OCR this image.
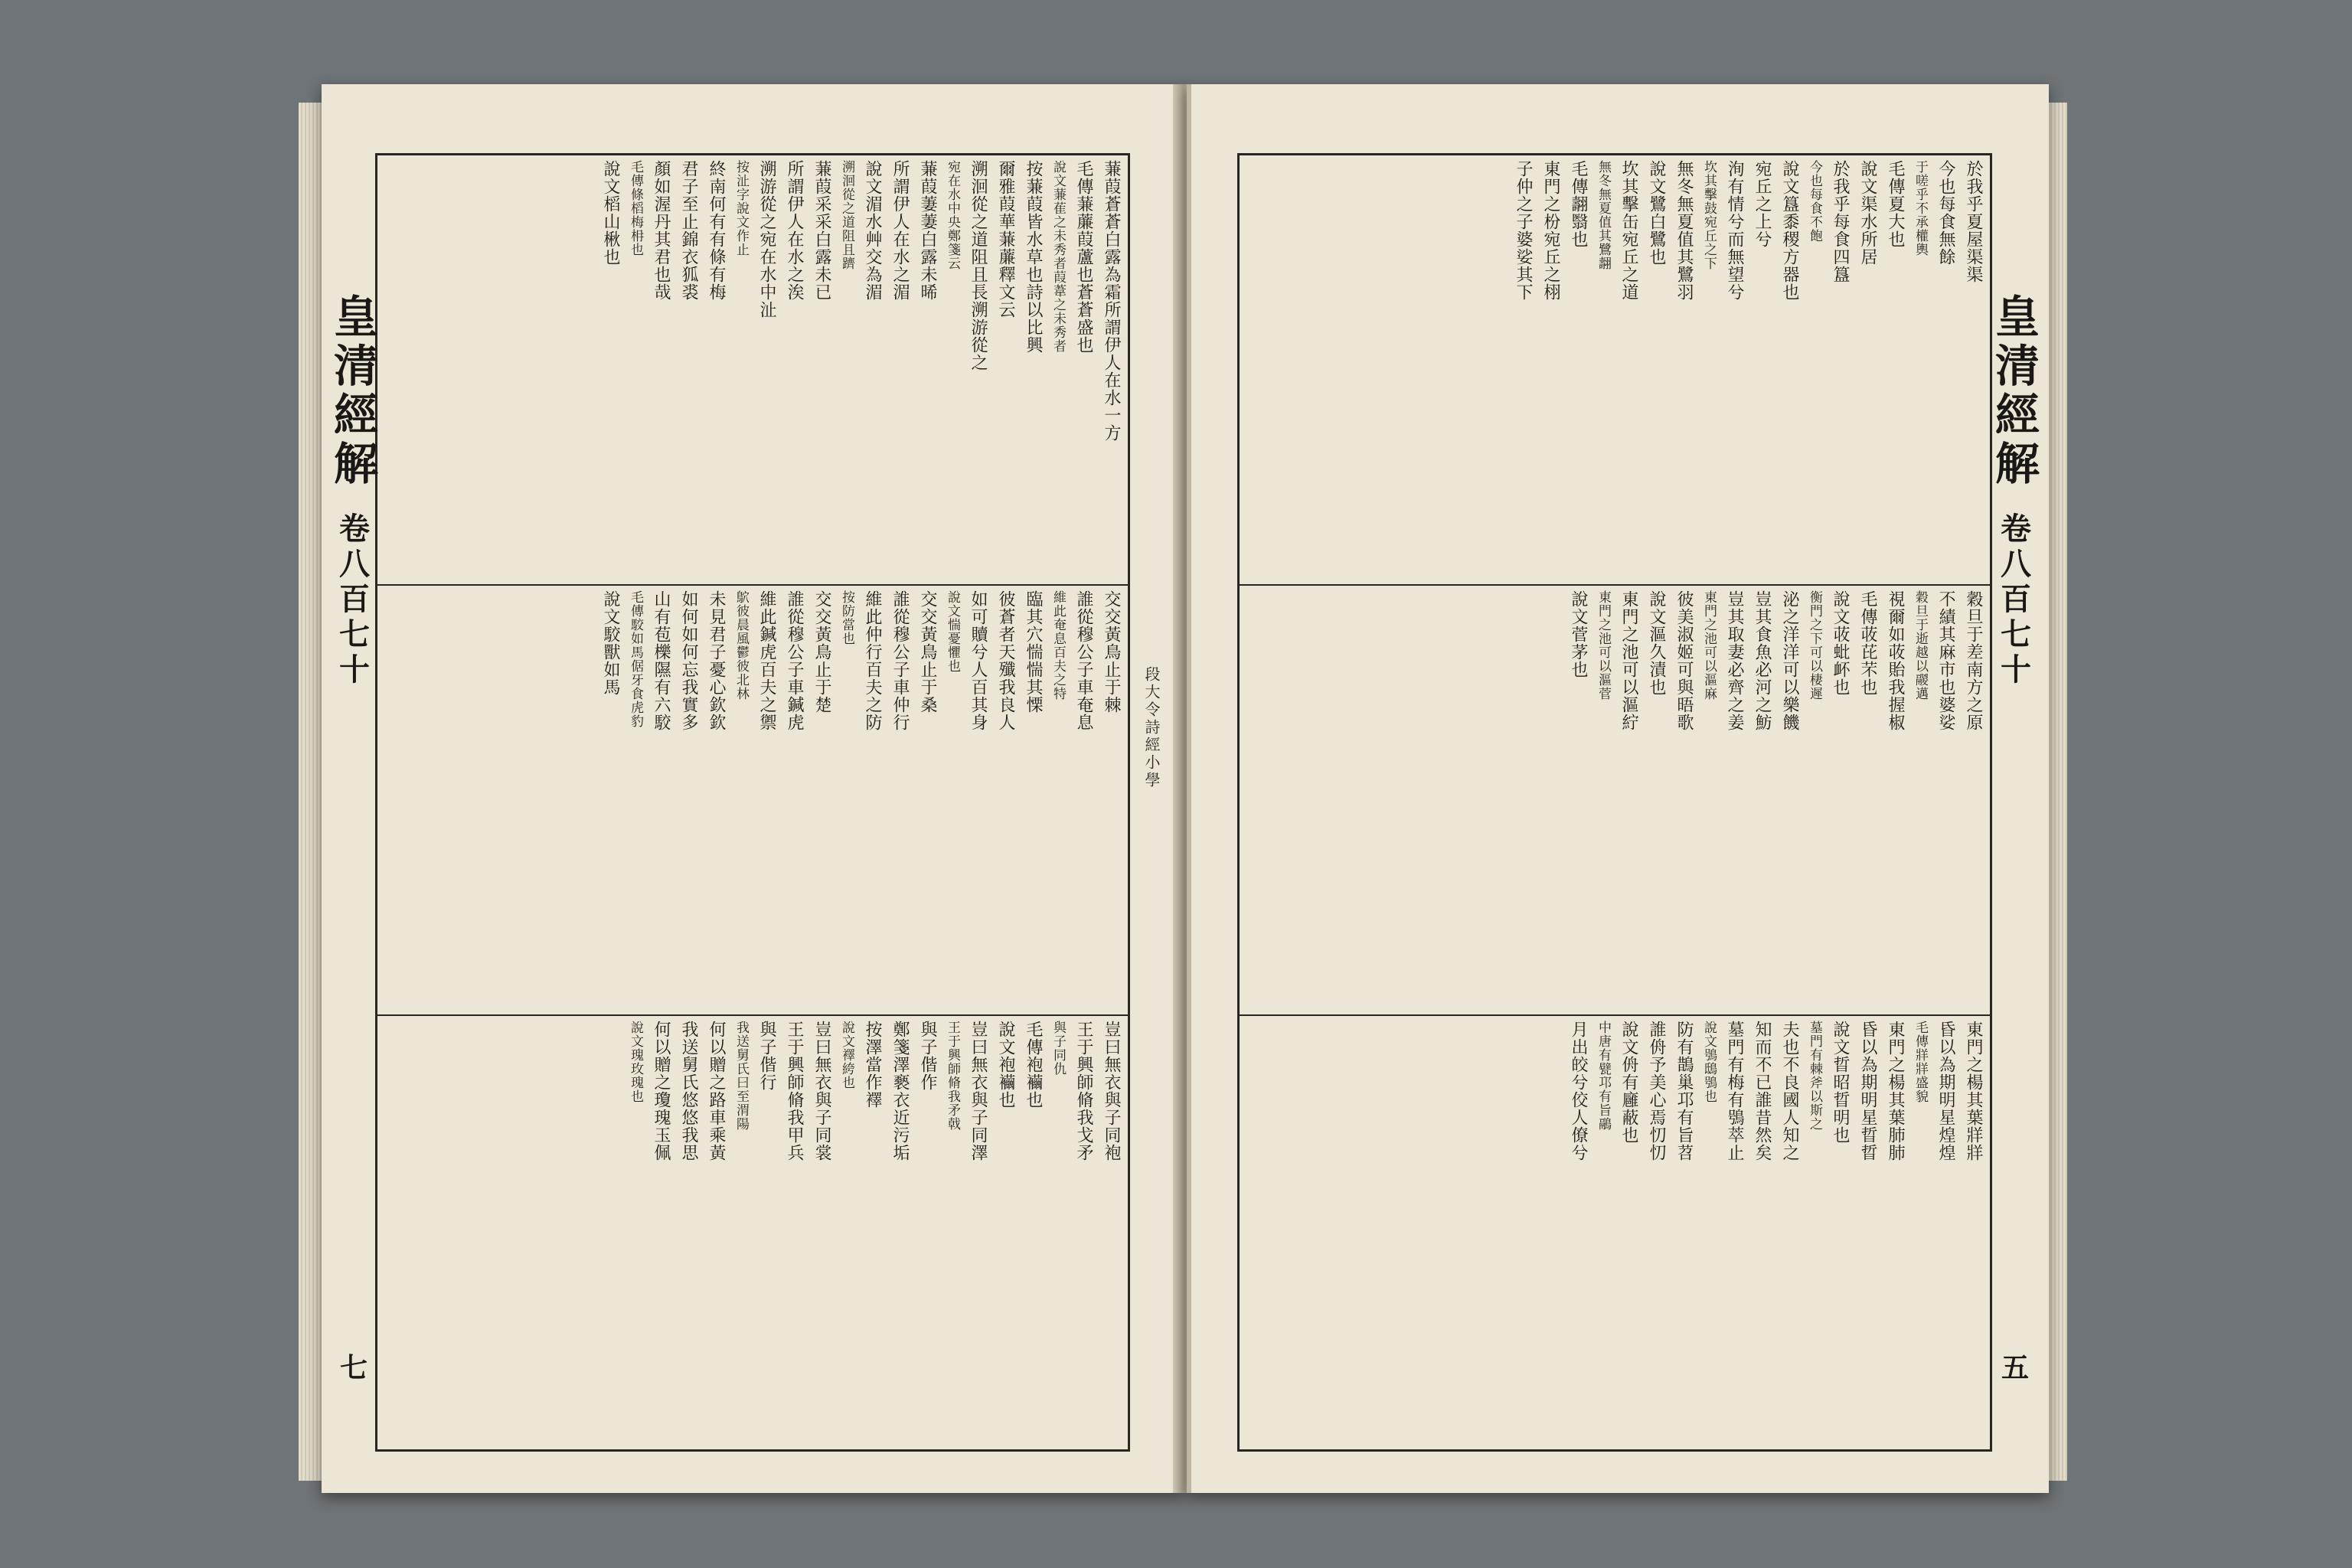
皇清經解
卷八百七十
七
蒹葭蒼蒼白露為霜所謂伊人在水一方
毛傳蒹薕葭蘆也蒼蒼盛也
說文蒹萑之未秀者葭葦之未秀者
按蒹葭皆水草也詩以比興
爾雅葭華蒹薕釋文云
溯洄從之道阻且長溯游從之
宛在水中央鄭箋云
蒹葭萋萋白露未晞
所謂伊人在水之湄
說文湄水艸交為湄
溯洄從之道阻且躋
蒹葭采采白露未已
所謂伊人在水之涘
溯游從之宛在水中沚
按沚字說文作止
終南何有有條有梅
君子至止錦衣狐裘
顏如渥丹其君也哉
毛傳條槄梅枏也
說文槄山楸也
交交黃鳥止于棘
誰從穆公子車奄息
維此奄息百夫之特
臨其穴惴惴其慄
彼蒼者天殲我良人
如可贖兮人百其身
說文惴憂懼也
交交黃鳥止于桑
誰從穆公子車仲行
維此仲行百夫之防
按防當也
交交黃鳥止于楚
誰從穆公子車鍼虎
維此鍼虎百夫之禦
鴥彼晨風鬱彼北林
未見君子憂心欽欽
如何如何忘我實多
山有苞櫟隰有六駮
毛傳駮如馬倨牙食虎豹
說文駮獸如馬
豈曰無衣與子同袍
王于興師脩我戈矛
與子同仇
毛傳袍襺也
說文袍襺也
豈曰無衣與子同澤
王于興師脩我矛戟
與子偕作
鄭箋澤褻衣近污垢
按澤當作襗
說文襗絝也
豈曰無衣與子同裳
王于興師脩我甲兵
與子偕行
我送舅氏曰至渭陽
何以贈之路車乘黃
我送舅氏悠悠我思
何以贈之瓊瑰玉佩
說文瑰玫瑰也
段大令詩經小學
於我乎夏屋渠渠
今也每食無餘
于嗟乎不承權輿
毛傳夏大也
說文渠水所居
於我乎每食四簋
今也每食不飽
說文簋黍稷方器也
宛丘之上兮
洵有情兮而無望兮
坎其擊鼓宛丘之下
無冬無夏值其鷺羽
說文鷺白鷺也
坎其擊缶宛丘之道
無冬無夏值其鷺翿
毛傳翿翳也
東門之枌宛丘之栩
子仲之子婆娑其下
穀旦于差南方之原
不績其麻市也婆娑
穀旦于逝越以鬷邁
視爾如荍貽我握椒
毛傳荍芘芣也
說文荍蚍衃也
衡門之下可以棲遲
泌之洋洋可以樂饑
豈其食魚必河之魴
豈其取妻必齊之姜
東門之池可以漚麻
彼美淑姬可與晤歌
說文漚久漬也
東門之池可以漚紵
東門之池可以漚菅
說文菅茅也
東門之楊其葉牂牂
昏以為期明星煌煌
毛傳牂牂盛貌
東門之楊其葉肺肺
昏以為期明星晢晢
說文晢昭晢明也
墓門有棘斧以斯之
夫也不良國人知之
知而不已誰昔然矣
墓門有梅有鴞萃止
說文鴞鴟鴞也
防有鵲巢邛有旨苕
誰侜予美心焉忉忉
說文侜有廱蔽也
中唐有甓邛有旨鷊
月出皎兮佼人僚兮
皇清經解
卷八百七十
五
